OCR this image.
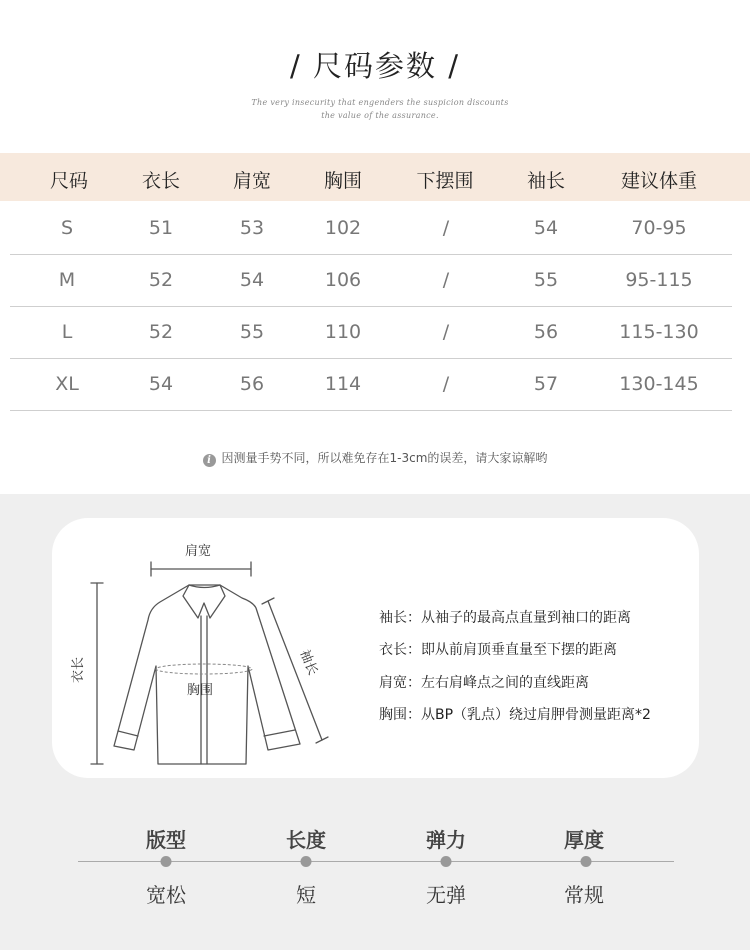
/ 尺码参数 /
The very insecurity that engenders the suspicion discounts
the value of the assurance.
尺码	衣长	肩宽	胸围	下摆围	袖长	建议体重
S	51	53	102	/	54	70-95
M	52	54	106	/	55	95-115
L	52	55	110	/	56	115-130
XL	54	56	114	/	57	130-145
i 因测量手势不同，所以难免存在1-3cm的误差，请大家谅解哟
肩宽
胸围
衣长	袖长
袖长：从袖子的最高点直量到袖口的距离
衣长：即从前肩顶垂直量至下摆的距离
肩宽：左右肩峰点之间的直线距离
胸围：从BP（乳点）绕过肩胛骨测量距离*2
版型
宽松
长度
短
弹力
无弹
厚度
常规
